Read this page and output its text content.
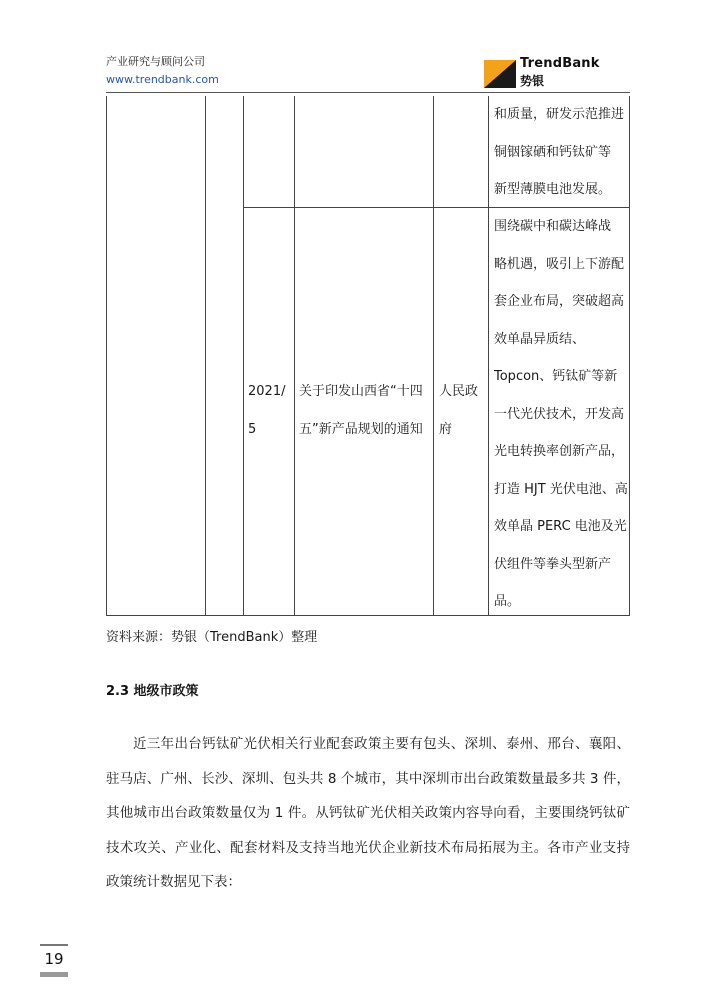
产业研究与顾问公司
www.trendbank.com
TrendBank
势银
和质量，研发示范推进
铜铟镓硒和钙钛矿等
新型薄膜电池发展。
2021/
5
关于印发山西省“十四
五”新产品规划的通知
人民政
府
围绕碳中和碳达峰战
略机遇，吸引上下游配
套企业布局，突破超高
效单晶异质结、
Topcon、钙钛矿等新
一代光伏技术，开发高
光电转换率创新产品，
打造 HJT 光伏电池、高
效单晶 PERC 电池及光
伏组件等拳头型新产
品。
资料来源：势银（TrendBank）整理
2.3 地级市政策
近三年出台钙钛矿光伏相关行业配套政策主要有包头、深圳、泰州、邢台、襄阳、驻马店、广州、长沙、深圳、包头共 8 个城市，其中深圳市出台政策数量最多共 3 件，其他城市出台政策数量仅为 1 件。从钙钛矿光伏相关政策内容导向看，主要围绕钙钛矿技术攻关、产业化、配套材料及支持当地光伏企业新技术布局拓展为主。各市产业支持政策统计数据见下表：
19
